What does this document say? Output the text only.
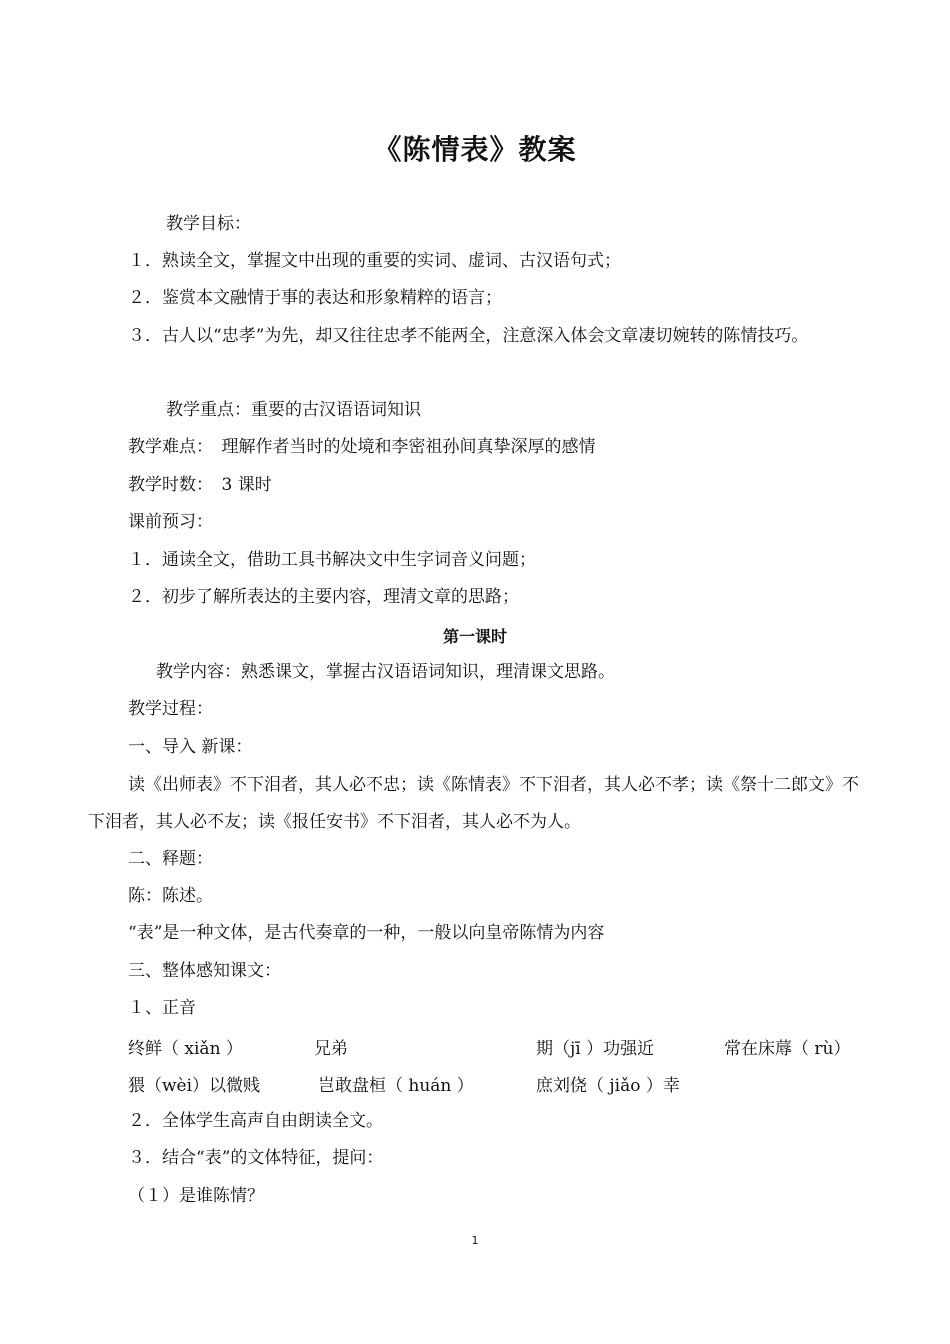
《陈情表》教案
教学目标：
１．熟读全文，掌握文中出现的重要的实词、虚词、古汉语句式；
２．鉴赏本文融情于事的表达和形象精粹的语言；
３．古人以“忠孝”为先，却又往往忠孝不能两全，注意深入体会文章凄切婉转的陈情技巧。
教学重点：重要的古汉语语词知识
教学难点：　理解作者当时的处境和李密祖孙间真挚深厚的感情
教学时数：　3 课时
课前预习：
１．通读全文，借助工具书解决文中生字词音义问题；
２．初步了解所表达的主要内容，理清文章的思路；
第一课时
教学内容：熟悉课文，掌握古汉语语词知识，理清课文思路。
教学过程：
一、导入 新课：
读《出师表》不下泪者，其人必不忠；读《陈情表》不下泪者，其人必不孝；读《祭十二郎文》不下泪者，其人必不友；读《报任安书》不下泪者，其人必不为人。
二、释题：
陈：陈述。
“表”是一种文体，是古代奏章的一种，一般以向皇帝陈情为内容
三、整体感知课文：
１、正音
终鲜（ xiǎn ）	兄弟	期（jī ）功强近	常在床蓐（ rù）
猥（wèi）以微贱	岂敢盘桓（ huán ）	庶刘侥（ jiǎo ）幸
２．全体学生高声自由朗读全文。
３．结合“表”的文体特征，提问：
（１）是谁陈情？
1
